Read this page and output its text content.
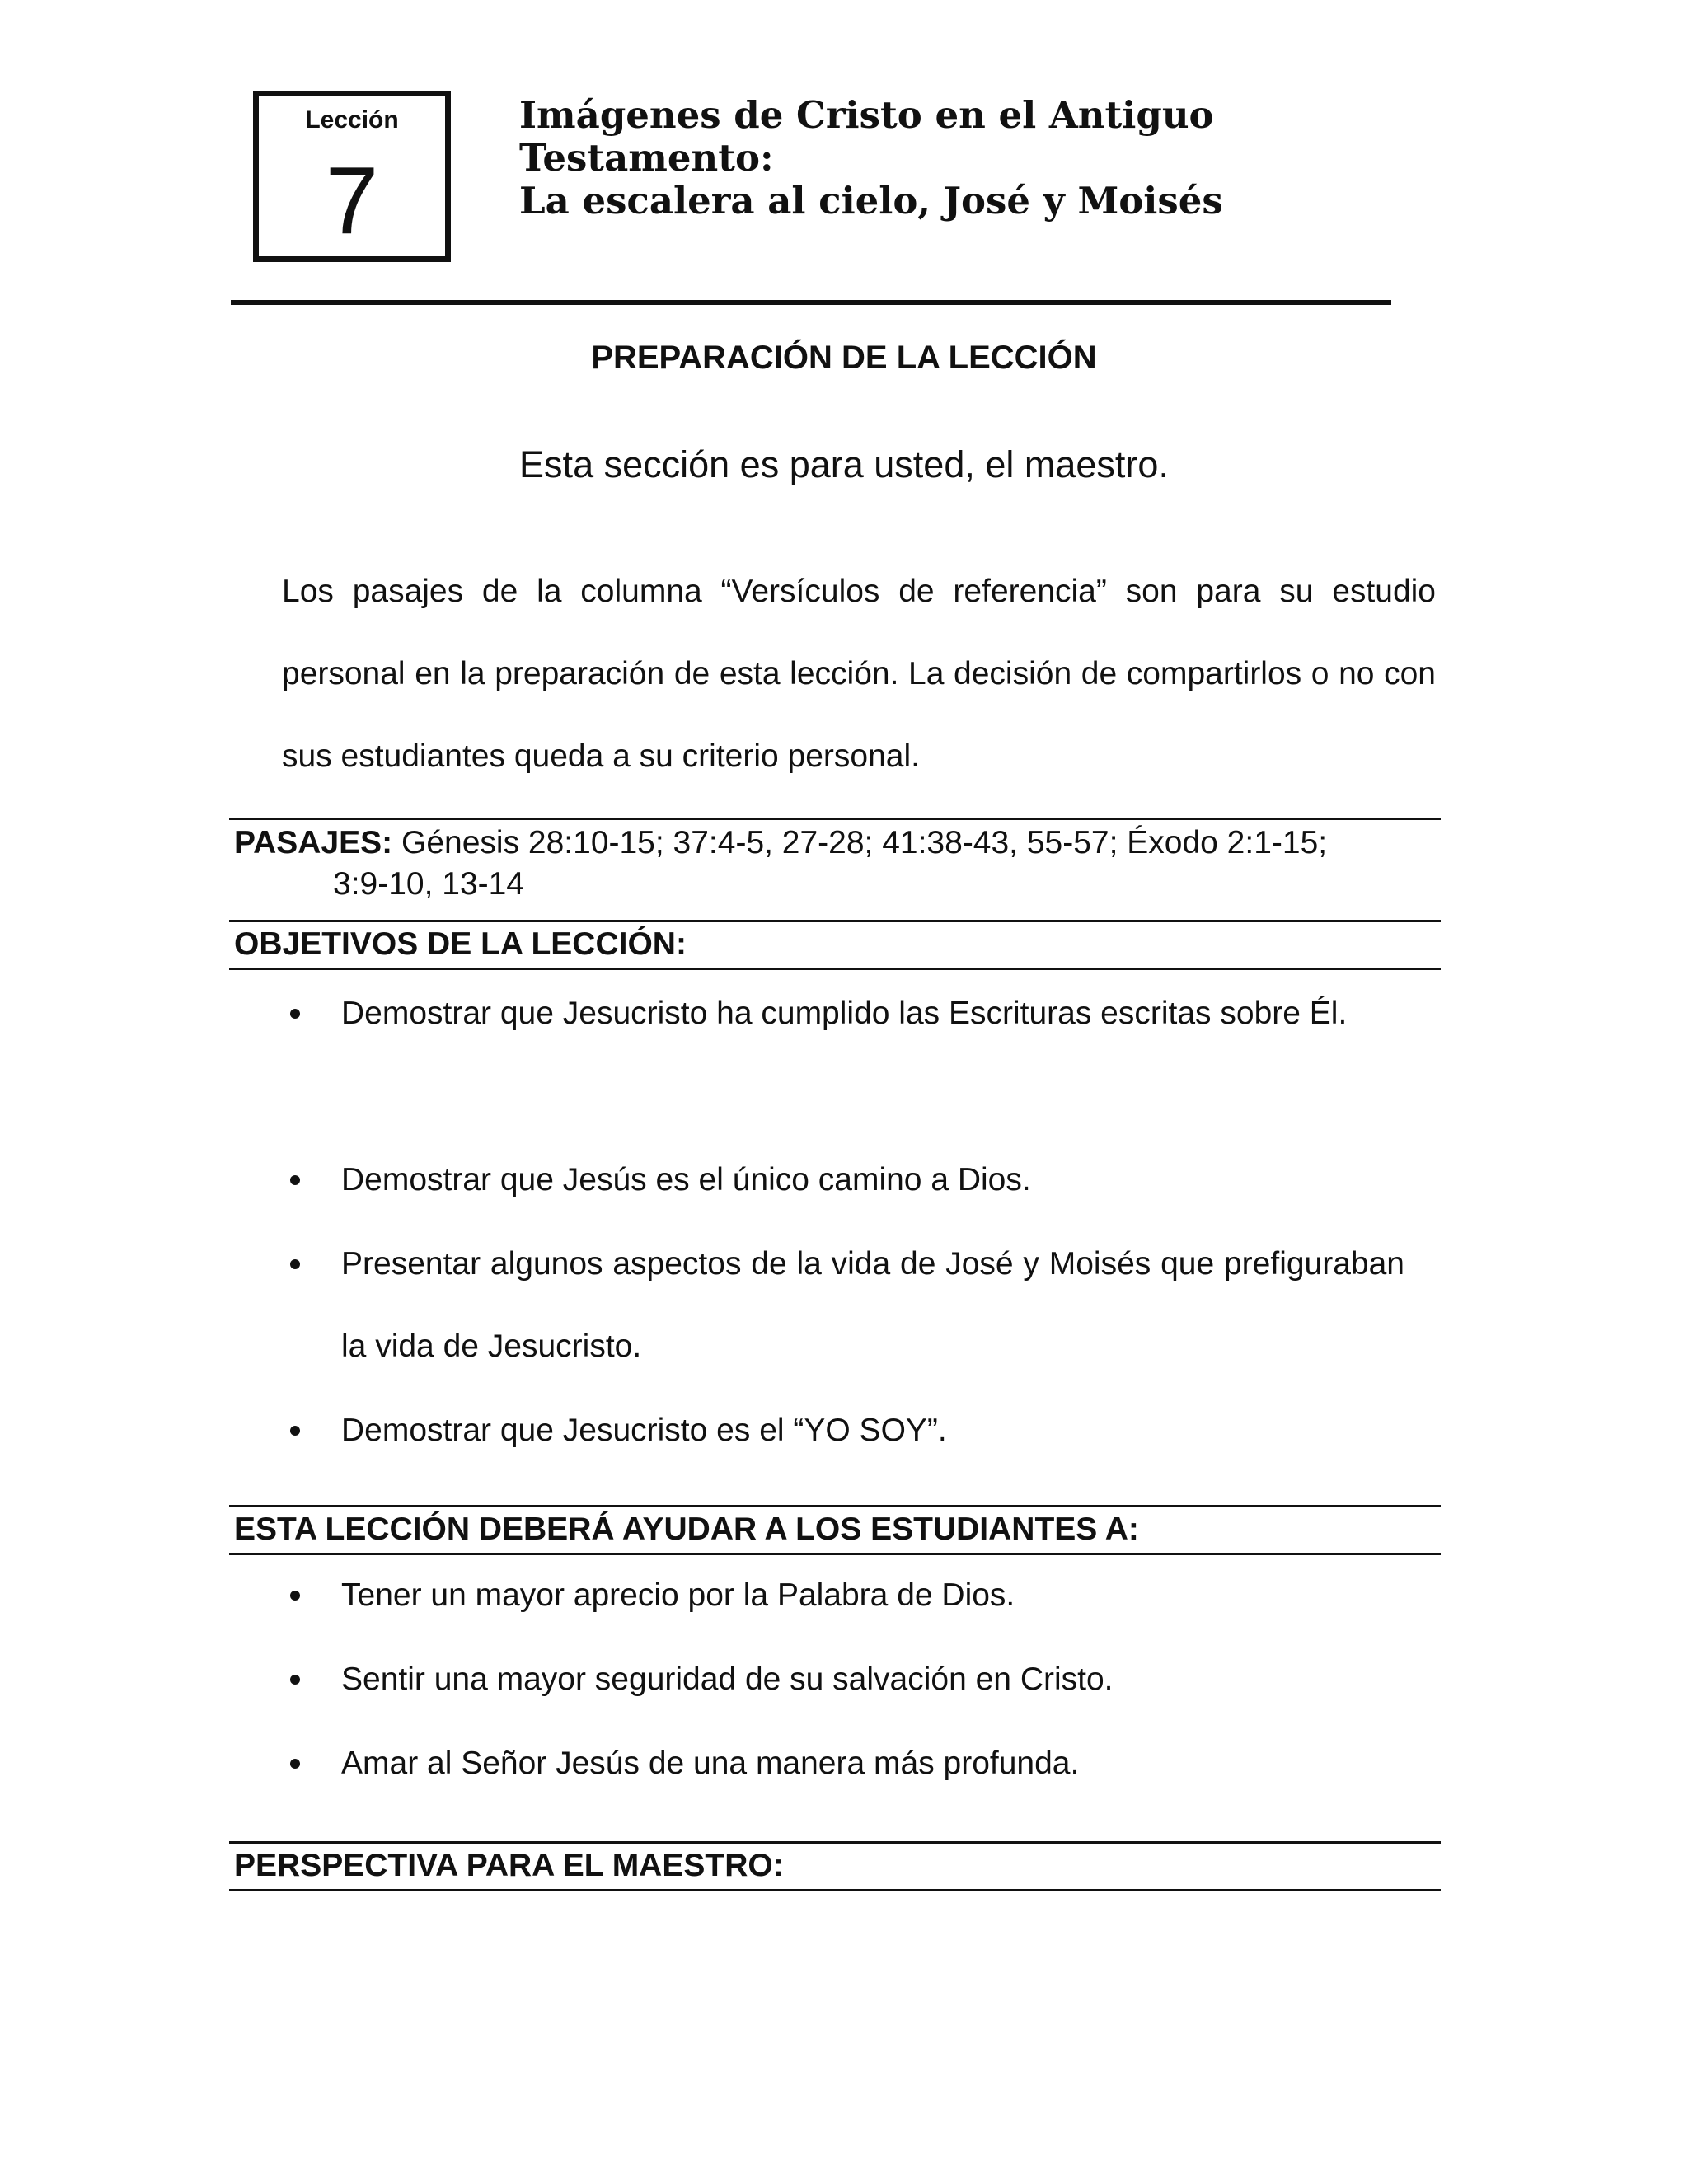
Lección
7
Imágenes de Cristo en el Antiguo
Testamento:
La escalera al cielo, José y Moisés
PREPARACIÓN DE LA LECCIÓN
Esta sección es para usted, el maestro.
Los pasajes de la columna “Versículos de referencia” son para su estudio personal en la preparación de esta lección. La decisión de compartirlos o no con sus estudiantes queda a su criterio personal.
PASAJES: Génesis 28:10-15; 37:4-5, 27-28; 41:38-43, 55-57; Éxodo 2:1-15;
3:9-10, 13-14
OBJETIVOS DE LA LECCIÓN:
Demostrar que Jesucristo ha cumplido las Escrituras escritas sobre Él.
Demostrar que Jesús es el único camino a Dios.
Presentar algunos aspectos de la vida de José y Moisés que prefiguraban la vida de Jesucristo.
Demostrar que Jesucristo es el “YO SOY”.
ESTA LECCIÓN DEBERÁ AYUDAR A LOS ESTUDIANTES A:
Tener un mayor aprecio por la Palabra de Dios.
Sentir una mayor seguridad de su salvación en Cristo.
Amar al Señor Jesús de una manera más profunda.
PERSPECTIVA PARA EL MAESTRO:
